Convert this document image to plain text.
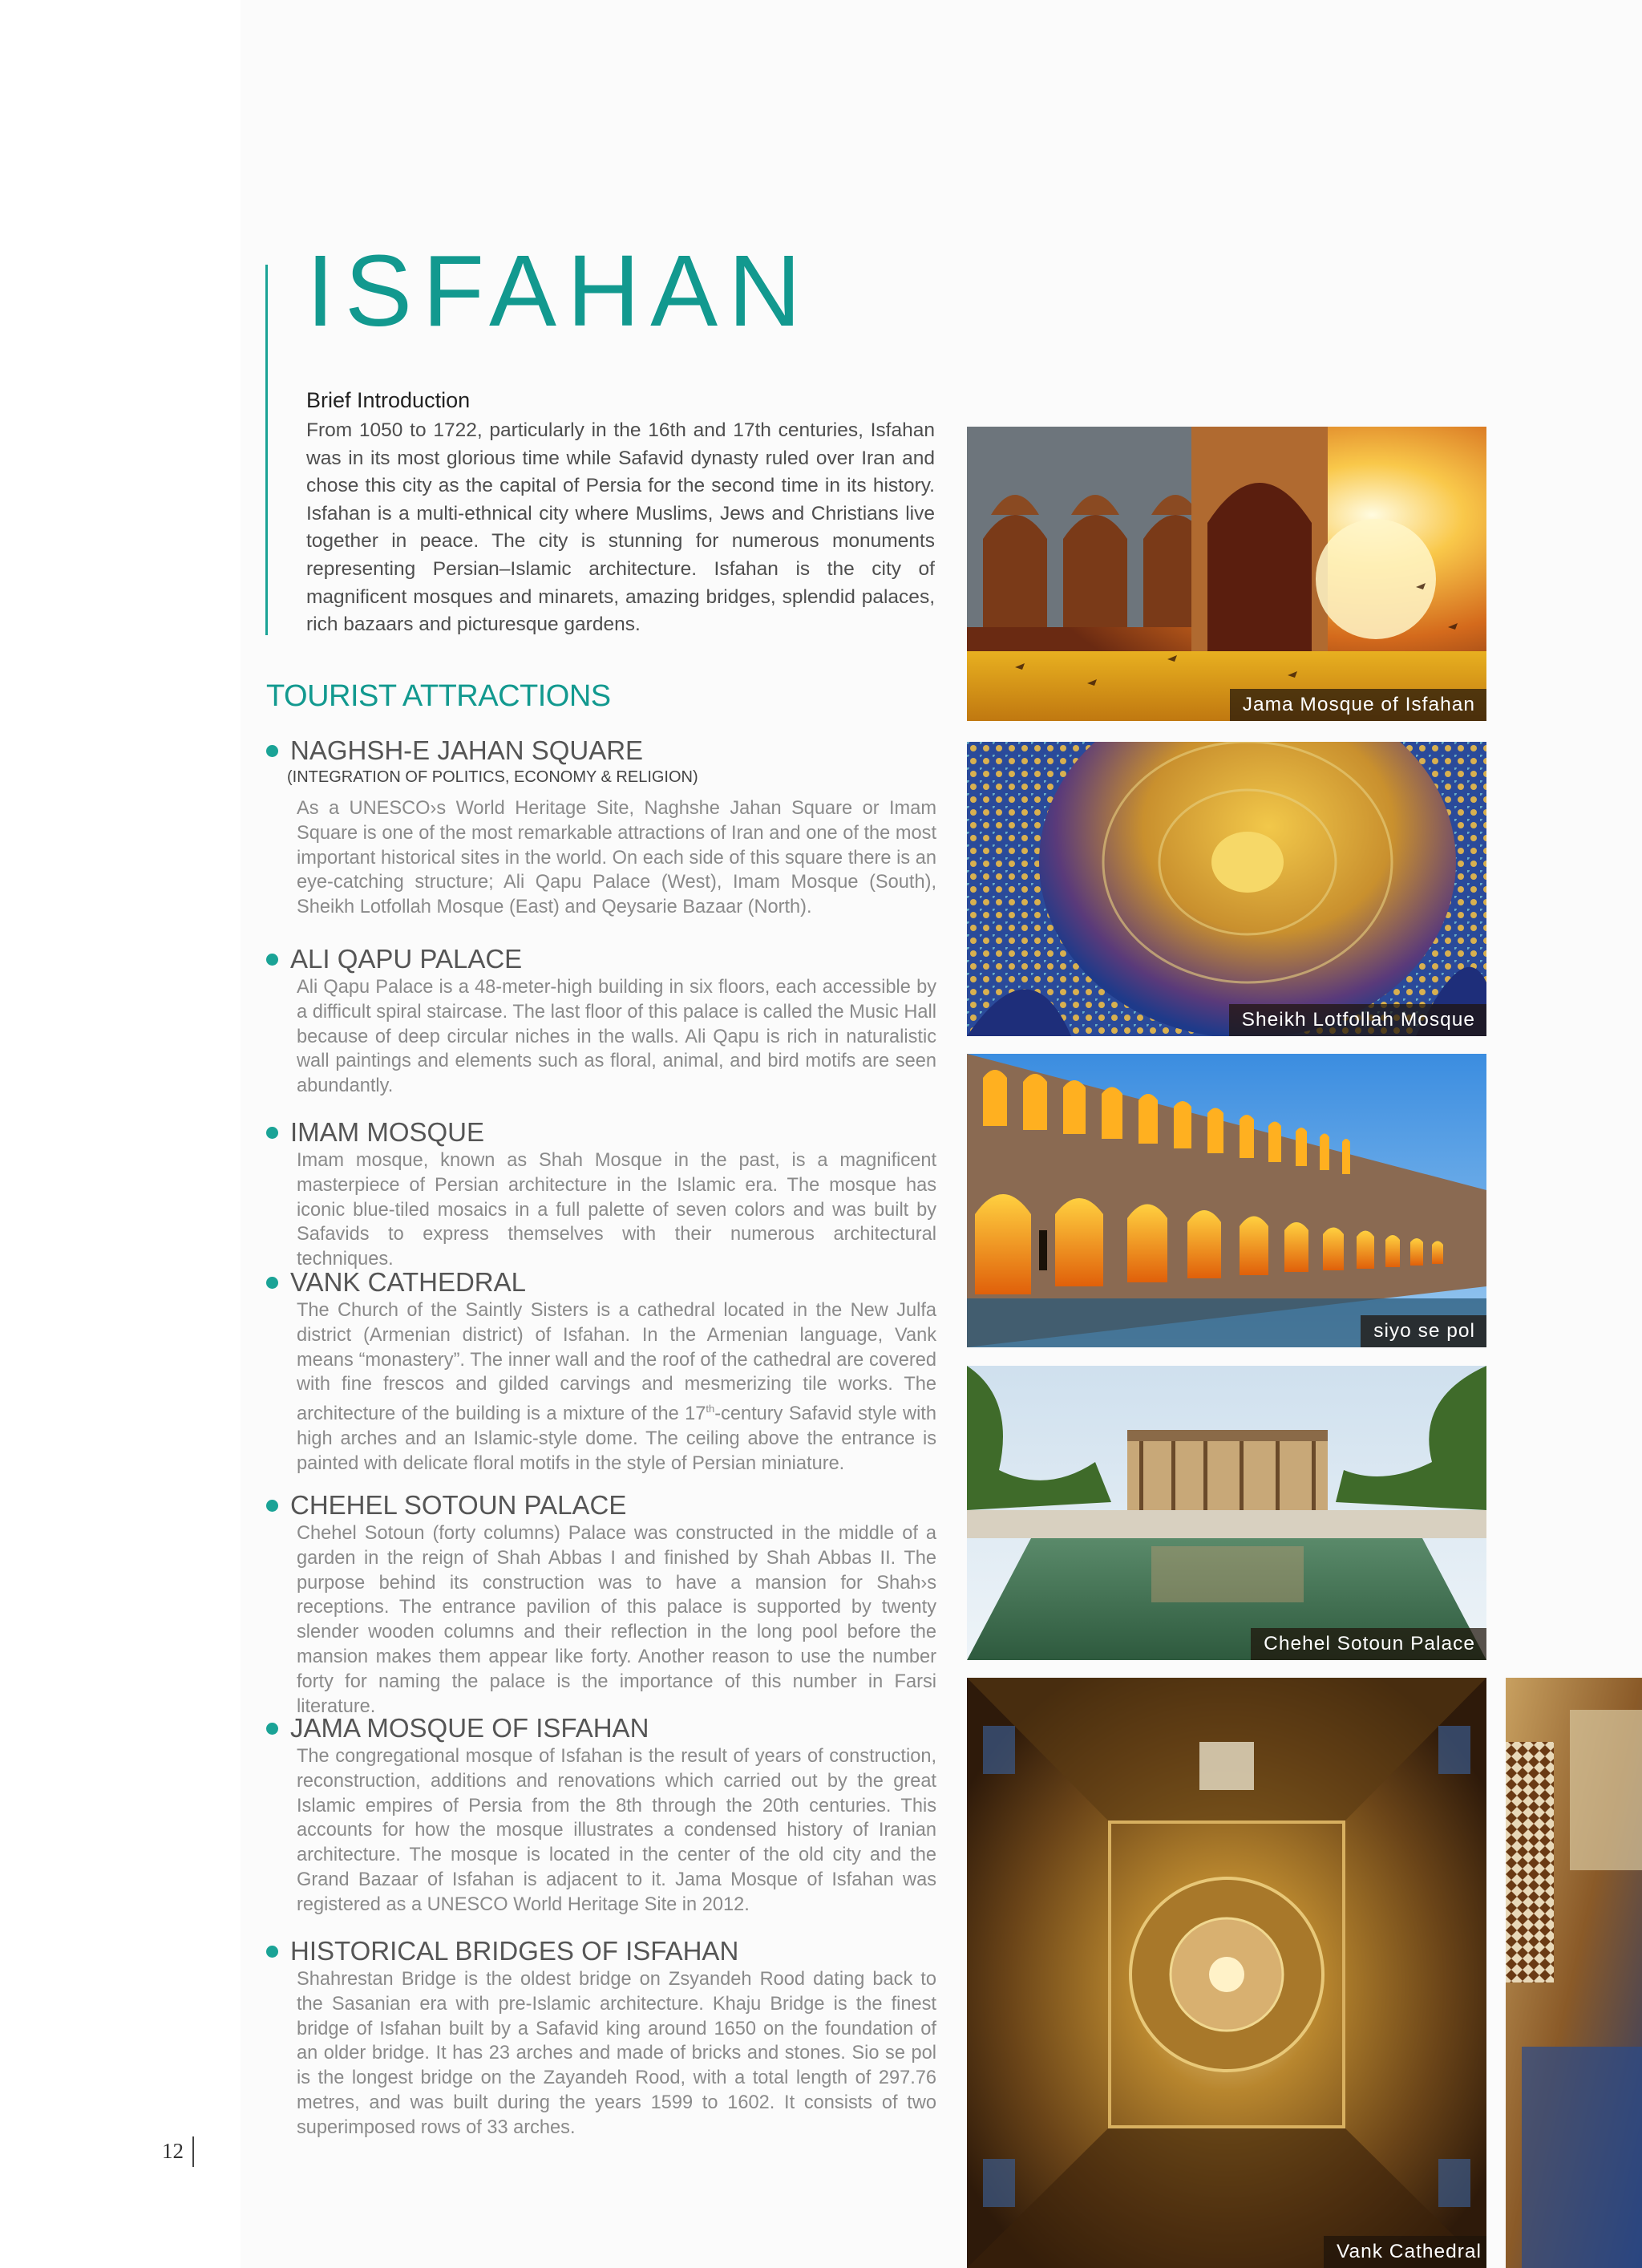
ISFAHAN
Brief Introduction
From 1050 to 1722, particularly in the 16th and 17th centuries, Isfahan was in its most glorious time while Safavid dynasty ruled over Iran and chose this city as the capital of Persia for the second time in its history. Isfahan is a multi-ethnical city where Muslims, Jews and Christians live together in peace. The city is stunning for numerous monuments representing Persian–Islamic architecture. Isfahan is the city of magnificent mosques and minarets, amazing bridges, splendid palaces, rich bazaars and picturesque gardens.
TOURIST ATTRACTIONS
NAGHSH-E JAHAN SQUARE
(INTEGRATION OF POLITICS, ECONOMY & RELIGION)
As a UNESCO›s World Heritage Site, Naghshe Jahan Square or Imam Square is one of the most remarkable attractions of Iran and one of the most important historical sites in the world. On each side of this square there is an eye-catching structure; Ali Qapu Palace (West), Imam Mosque (South), Sheikh Lotfollah Mosque (East) and Qeysarie Bazaar (North).
ALI QAPU PALACE
Ali Qapu Palace is a 48-meter-high building in six floors, each accessible by a difficult spiral staircase. The last floor of this palace is called the Music Hall because of deep circular niches in the walls. Ali Qapu is rich in naturalistic wall paintings and elements such as floral, animal, and bird motifs are seen abundantly.
IMAM MOSQUE
Imam mosque, known as Shah Mosque in the past, is a magnificent masterpiece of Persian architecture in the Islamic era. The mosque has iconic blue-tiled mosaics in a full palette of seven colors and was built by Safavids to express themselves with their numerous architectural techniques.
VANK CATHEDRAL
The Church of the Saintly Sisters is a cathedral located in the New Julfa district (Armenian district) of Isfahan. In the Armenian language, Vank means “monastery”. The inner wall and the roof of the cathedral are covered with fine frescos and gilded carvings and mesmerizing tile works. The architecture of the building is a mixture of the 17th-century Safavid style with high arches and an Islamic-style dome. The ceiling above the entrance is painted with delicate floral motifs in the style of Persian miniature.
CHEHEL SOTOUN PALACE
Chehel Sotoun (forty columns) Palace was constructed in the middle of a garden in the reign of Shah Abbas I and finished by Shah Abbas II. The purpose behind its construction was to have a mansion for Shah›s receptions. The entrance pavilion of this palace is supported by twenty slender wooden columns and their reflection in the long pool before the mansion makes them appear like forty. Another reason to use the number forty for naming the palace is the importance of this number in Farsi literature.
JAMA MOSQUE OF ISFAHAN
The congregational mosque of Isfahan is the result of years of construction, reconstruction, additions and renovations which carried out by the great Islamic empires of Persia from the 8th through the 20th centuries. This accounts for how the mosque illustrates a condensed history of Iranian architecture. The mosque is located in the center of the old city and the Grand Bazaar of Isfahan is adjacent to it. Jama Mosque of Isfahan was registered as a UNESCO World Heritage Site in 2012.
HISTORICAL BRIDGES OF ISFAHAN
Shahrestan Bridge is the oldest bridge on Zsyandeh Rood dating back to the Sasanian era with pre-Islamic architecture. Khaju Bridge is the finest bridge of Isfahan built by a Safavid king around 1650 on the foundation of an older bridge. It has 23 arches and made of bricks and stones. Sio se pol is the longest bridge on the Zayandeh Rood, with a total length of 297.76 metres, and was built during the years 1599 to 1602. It consists of two superimposed rows of 33 arches.
Jama Mosque of Isfahan
Sheikh Lotfollah Mosque
siyo se pol
Chehel Sotoun Palace
Vank Cathedral
12
